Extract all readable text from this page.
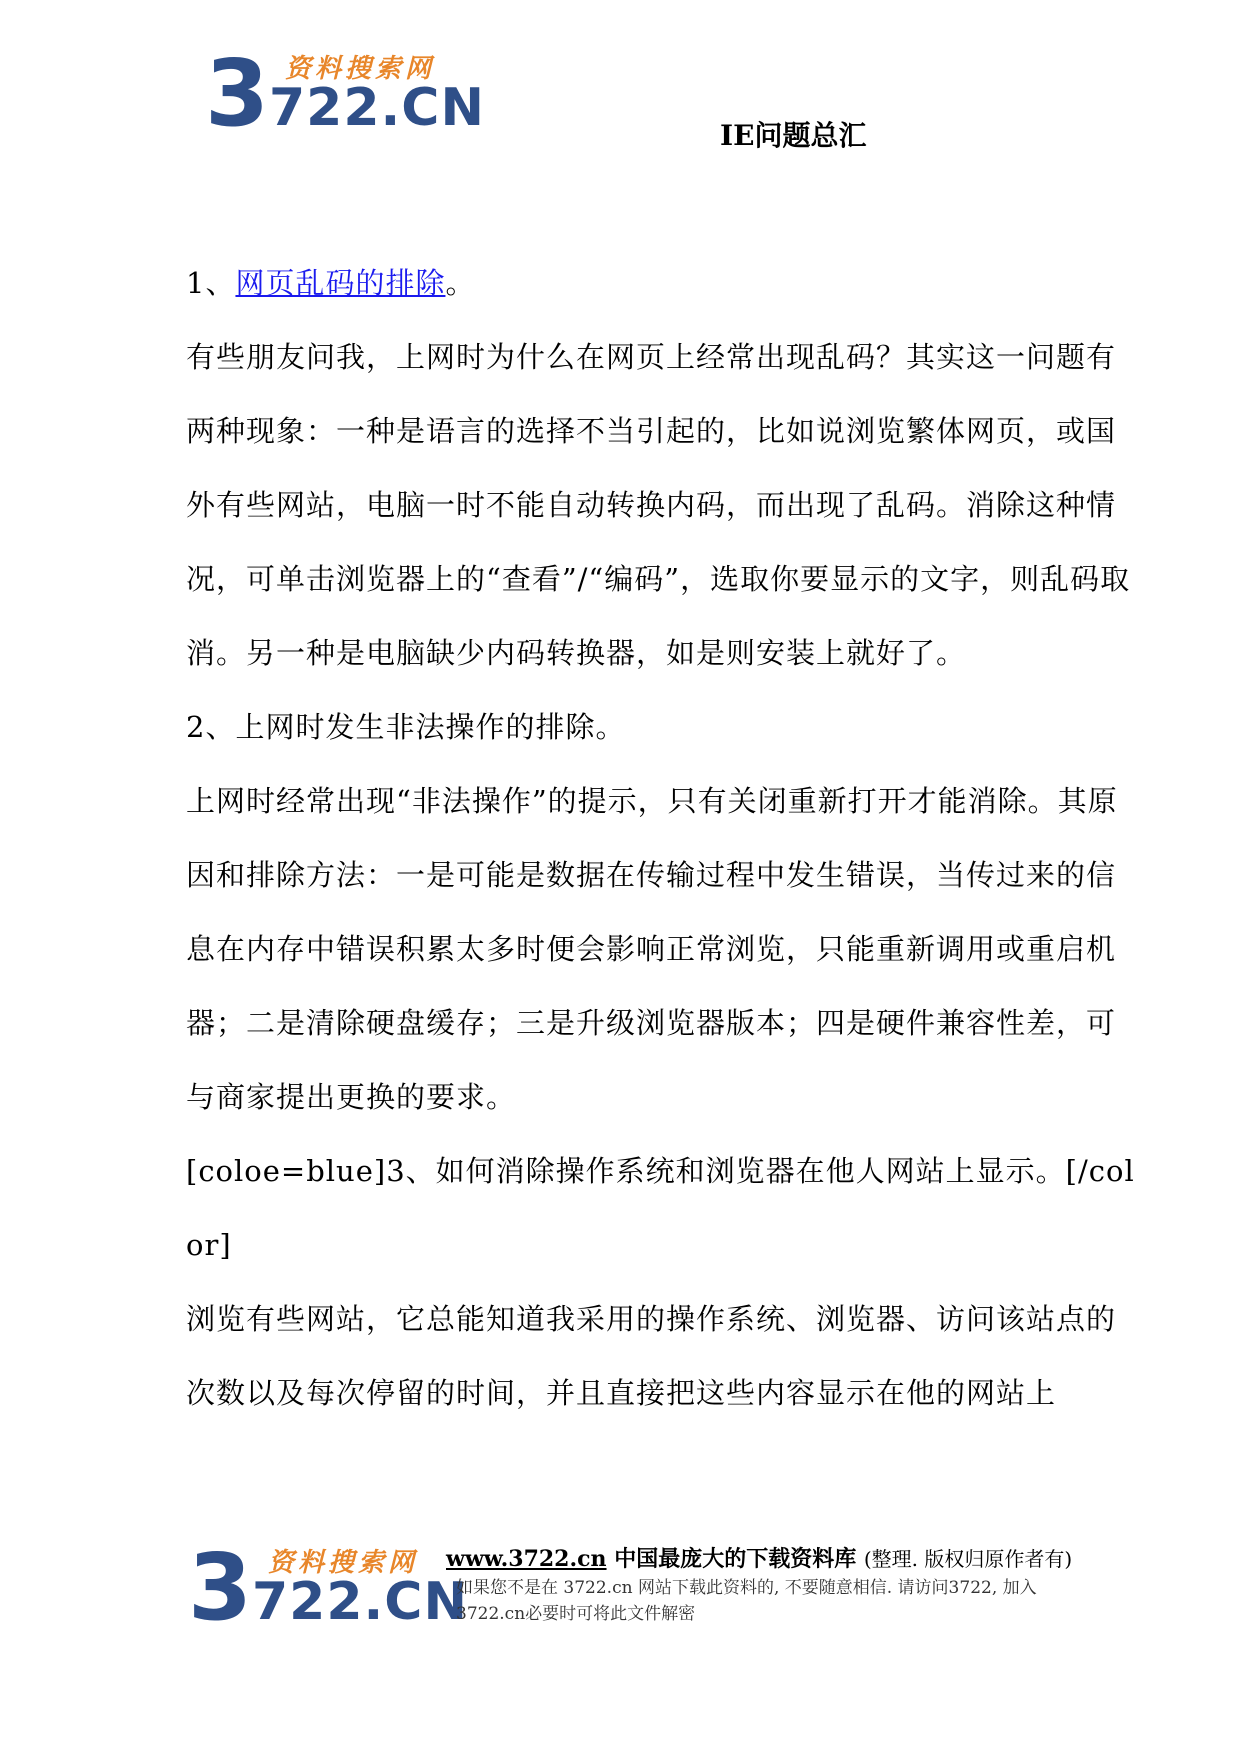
3 资料搜索网
722.CN	IE问题总汇

1、网页乱码的排除。

有些朋友问我，上网时为什么在网页上经常出现乱码？其实这一问题有两种现象：一种是语言的选择不当引起的，比如说浏览繁体网页，或国外有些网站，电脑一时不能自动转换内码，而出现了乱码。消除这种情况，可单击浏览器上的“查看”/“编码”，选取你要显示的文字，则乱码取消。另一种是电脑缺少内码转换器，如是则安装上就好了。

2、上网时发生非法操作的排除。

上网时经常出现“非法操作”的提示，只有关闭重新打开才能消除。其原因和排除方法：一是可能是数据在传输过程中发生错误，当传过来的信息在内存中错误积累太多时便会影响正常浏览，只能重新调用或重启机器；二是清除硬盘缓存；三是升级浏览器版本；四是硬件兼容性差，可与商家提出更换的要求。

[coloe=blue]3、如何消除操作系统和浏览器在他人网站上显示。[/color]

浏览有些网站，它总能知道我采用的操作系统、浏览器、访问该站点的次数以及每次停留的时间，并且直接把这些内容显示在他的网站上

3 资料搜索网
722.CN
www.3722.cn 中国最庞大的下载资料库 (整理. 版权归原作者有)
如果您不是在 3722.cn 网站下载此资料的, 不要随意相信. 请访问3722, 加入 3722.cn必要时可将此文件解密
